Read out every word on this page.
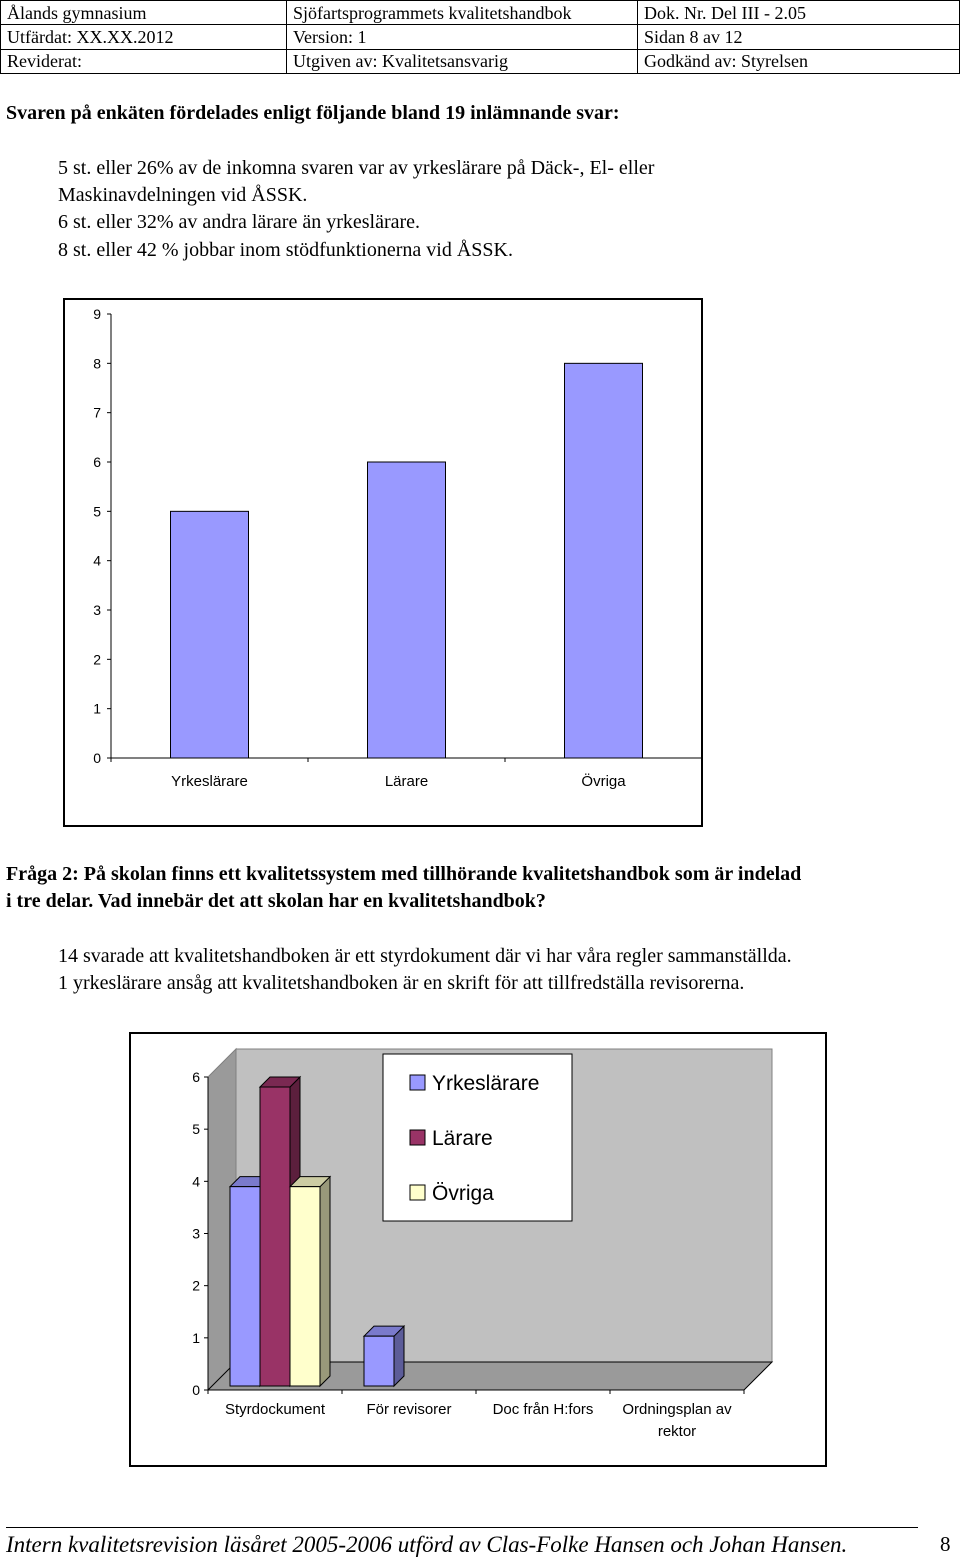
Ålands gymnasium	Sjöfartsprogrammets kvalitetshandbok	Dok. Nr. Del III - 2.05
Utfärdat: XX.XX.2012	Version: 1	Sidan 8 av 12
Reviderat:	Utgiven av: Kvalitetsansvarig	Godkänd av: Styrelsen
Svaren på enkäten fördelades enligt följande bland 19 inlämnande svar:
5 st. eller 26% av de inkomna svaren var av yrkeslärare på Däck-, El- eller
Maskinavdelningen vid ÅSSK.
6 st. eller 32% av andra lärare än yrkeslärare.
8 st. eller 42 % jobbar inom stödfunktionerna vid ÅSSK.
0
1
2
3
4
5
6
7
8
9
Yrkeslärare	Lärare	Övriga
Fråga 2: På skolan finns ett kvalitetssystem med tillhörande kvalitetshandbok som är indelad
i tre delar. Vad innebär det att skolan har en kvalitetshandbok?
14 svarade att kvalitetshandboken är ett styrdokument där vi har våra regler sammanställda.
1 yrkeslärare ansåg att kvalitetshandboken är en skrift för att tillfredställa revisorerna.
0
1
2
3
4
5
6
Styrdockument	För revisorer	Doc från H:fors Ordningsplan av
rektor
Yrkeslärare
Lärare
Övriga
Intern kvalitetsrevision läsåret 2005-2006 utförd av Clas-Folke Hansen och Johan Hansen.	8
